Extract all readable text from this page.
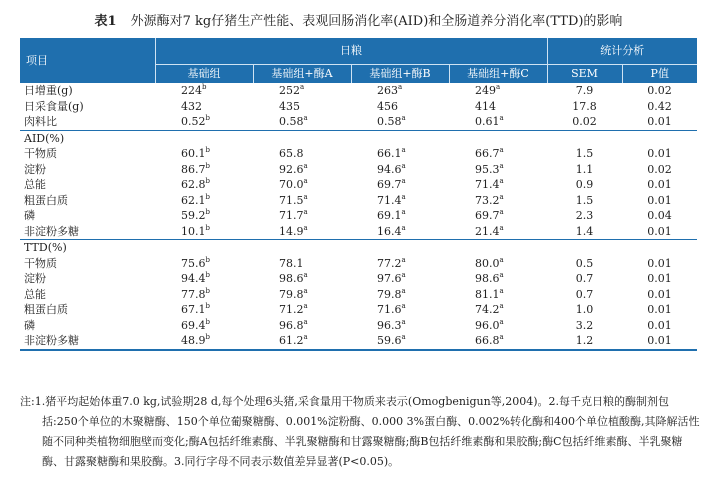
表1 外源酶对7 kg仔猪生产性能、表观回肠消化率(AID)和全肠道养分消化率(TTD)的影响
项目	日粮				统计分析	
	基础组	基础组+酶A	基础组+酶B	基础组+酶C	SEM	P值
日增重(g)	224$^b$	252$^a$	263$^a$	249$^a$	7.9	0.02
日采食量(g)	432	435	456	414	17.8	0.42
肉料比	0.52$^b$	0.58$^a$	0.58$^a$	0.61$^a$	0.02	0.01
AID(%)						
干物质	60.1$^b$	65.8	66.1$^a$	66.7$^a$	1.5	0.01
淀粉	86.7$^b$	92.6$^a$	94.6$^a$	95.3$^a$	1.1	0.02
总能	62.8$^b$	70.0$^a$	69.7$^a$	71.4$^a$	0.9	0.01
粗蛋白质	62.1$^b$	71.5$^a$	71.4$^a$	73.2$^a$	1.5	0.01
磷	59.2$^b$	71.7$^a$	69.1$^a$	69.7$^a$	2.3	0.04
非淀粉多糖	10.1$^b$	14.9$^a$	16.4$^a$	21.4$^a$	1.4	0.01
TTD(%)						
干物质	75.6$^b$	78.1	77.2$^a$	80.0$^a$	0.5	0.01
淀粉	94.4$^b$	98.6$^a$	97.6$^a$	98.6$^a$	0.7	0.01
总能	77.8$^b$	79.8$^a$	79.8$^a$	81.1$^a$	0.7	0.01
粗蛋白质	67.1$^b$	71.2$^a$	71.6$^a$	74.2$^a$	1.0	0.01
磷	69.4$^b$	96.8$^a$	96.3$^a$	96.0$^a$	3.2	0.01
非淀粉多糖	48.9$^b$	61.2$^a$	59.6$^a$	66.8$^a$	1.2	0.01

注:1.猪平均起始体重7.0 kg,试验期28 d,每个处理6头猪,采食量用干物质来表示(Omogbenigun等,2004)。2.每千克日粮的酶制剂包括:250个单位的木聚糖酶、150个单位葡聚糖酶、0.001%淀粉酶、0.000 3%蛋白酶、0.002%转化酶和400个单位植酸酶,其降解活性随不同种类植物细胞壁而变化;酶A包括纤维素酶、半乳聚糖酶和甘露聚糖酶;酶B包括纤维素酶和果胶酶;酶C包括纤维素酶、半乳聚糖酶、甘露聚糖酶和果胶酶。3.同行字母不同表示数值差异显著(P<0.05)。
